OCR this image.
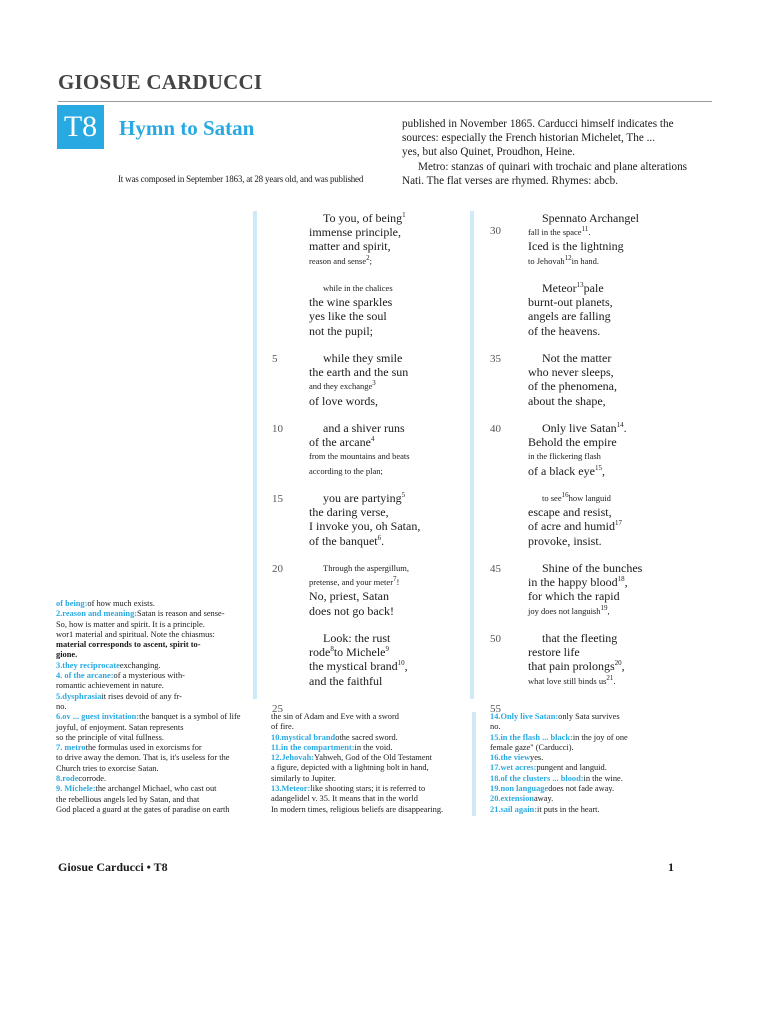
GIOSUE CARDUCCI
T8	Hymn to Satan
It was composed in September 1863, at 28 years old, and was published
published in November 1865. Carducci himself indicates the
sources: especially the French historian Michelet, The ...
yes, but also Quinet, Proudhon, Heine.
Metro: stanzas of quinari with trochaic and plane alterations
Nati. The flat verses are rhymed. Rhymes: abcb.
To you, of being$^1$
immense principle,
matter and spirit,
reason and sense$^2$;
while in the chalices
the wine sparkles
yes like the soul
not the pupil;
5	while they smile
the earth and the sun
and they exchange$^3$
of love words,
10	and a shiver runs
of the arcane$^4$
from the mountains and beats
according to the plan;
15	you are partying$^5$
the daring verse,
I invoke you, oh Satan,
of the banquet$^6$.
20	Through the aspergillum,
pretense, and your meter$^7$!
No, priest, Satan
does not go back!
Look: the rust
rode$^8$to Michele$^9$
the mystical brand$^{10}$,
and the faithful
25
Spennato Archangel
fall in the space$^{11}$.
Iced is the lightning
to Jehovah$^{12}$in hand.
30
Meteor$^{13}$pale
burnt-out planets,
angels are falling
of the heavens.
35	Not the matter
who never sleeps,
of the phenomena,
about the shape,
40	Only live Satan$^{14}$.
Behold the empire
in the flickering flash
of a black eye$^{15}$,
to see$^{16}$how languid
escape and resist,
of acre and humid$^{17}$
provoke, insist.
45	Shine of the bunches
in the happy blood$^{18}$,
for which the rapid
joy does not languish$^{19}$,
50	that the fleeting
restore life
that pain prolongs$^{20}$,
what love still binds $us^{21}$.
55
of being:of how much exists.
2.reason and meaning:Satan is reason and sense-
So, how is matter and spirit. It is a principle.
wor1 material and spiritual. Note the chiasmus:
material corresponds to ascent, spirit to-
gione.
3.they reciprocateexchanging.
4. of the arcane:of a mysterious with-
romantic achievement in nature.
5.dysphrasiait rises devoid of any fr-
no.
6.ov ... guest invitation:the banquet is a symbol of life
joyful, of enjoyment. Satan represents
so the principle of vital fullness.
7. metrothe formulas used in exorcisms for
to drive away the demon. That is, it's useless for the
Church tries to exorcise Satan.
8.rodecorrode.
9. Michele:the archangel Michael, who cast out
the rebellious angels led by Satan, and that
God placed a guard at the gates of paradise on earth
the sin of Adam and Eve with a sword
of fire.
10.mystical brandothe sacred sword.
11.in the compartment:in the void.
12.Jehovah:Yahweh, God of the Old Testament
a figure, depicted with a lightning bolt in hand,
similarly to Jupiter.
13.Meteor:like shooting stars; it is referred to
adangelidel v. 35. It means that in the world
In modern times, religious beliefs are disappearing.
14.Only live Satan:only Sata survives
no.
15.in the flash ... black:in the joy of one
female gaze" (Carducci).
16.the viewyes.
17.wet acres:pungent and languid.
18.of the clusters ... blood:in the wine.
19.non languagedoes not fade away.
20.extensionaway.
21.sail again:it puts in the heart.
Giosue Carducci • T8	1
